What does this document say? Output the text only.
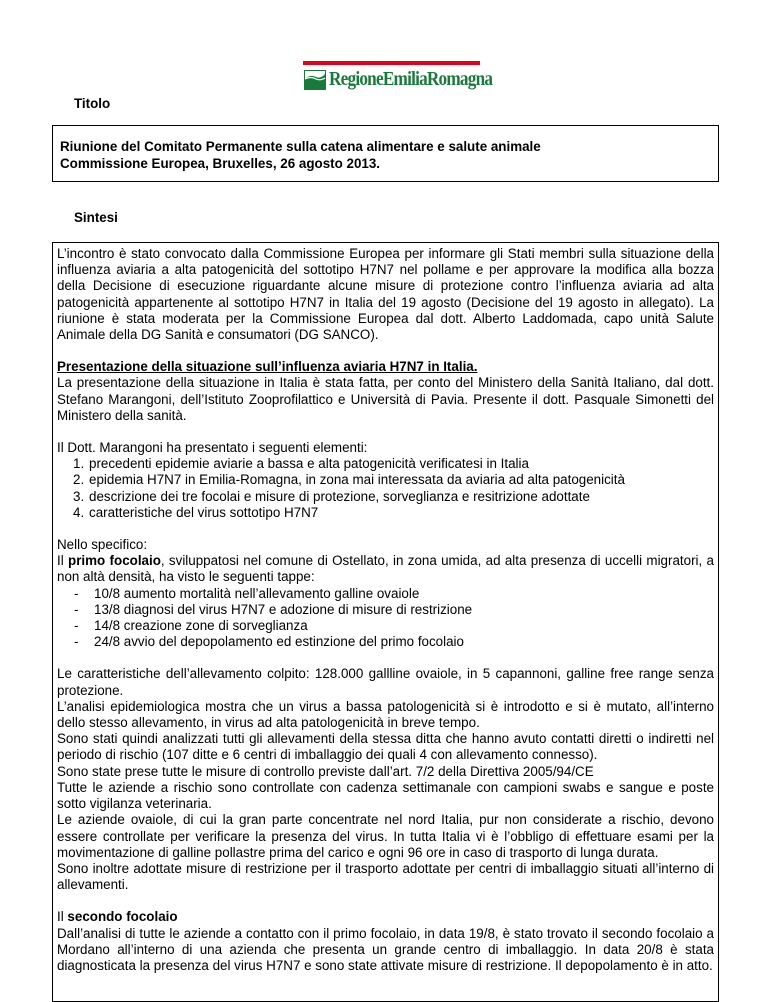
RegioneEmiliaRomagna
Titolo
Riunione del Comitato Permanente sulla catena alimentare e salute animale
Commissione Europea, Bruxelles, 26 agosto 2013.
Sintesi

L’incontro è stato convocato dalla Commissione Europea per informare gli Stati membri sulla situazione della influenza aviaria a alta patogenicità del sottotipo H7N7 nel pollame e per approvare la modifica alla bozza della Decisione di esecuzione riguardante alcune misure di protezione contro l’influenza aviaria ad alta patogenicità appartenente al sottotipo H7N7 in Italia del 19 agosto (Decisione del 19 agosto in allegato). La riunione è stata moderata per la Commissione Europea dal dott. Alberto Laddomada, capo unità Salute Animale della DG Sanità e consumatori (DG SANCO).

Presentazione della situazione sull’influenza aviaria H7N7 in Italia.

La presentazione della situazione in Italia è stata fatta, per conto del Ministero della Sanità Italiano, dal dott. Stefano Marangoni, dell’Istituto Zooprofilattico e Università di Pavia. Presente il dott. Pasquale Simonetti del Ministero della sanità.

Il Dott. Marangoni ha presentato i seguenti elementi:

1. precedenti epidemie aviarie a bassa e alta patogenicità verificatesi in Italia
2. epidemia H7N7 in Emilia-Romagna, in zona mai interessata da aviaria ad alta patogenicità
3. descrizione dei tre focolai e misure di protezione, sorveglianza e resitrizione adottate
4. caratteristiche del virus sottotipo H7N7

Nello specifico:

Il primo focolaio, sviluppatosi nel comune di Ostellato, in zona umida, ad alta presenza di uccelli migratori, a non altà densità, ha visto le seguenti tappe:

- 10/8 aumento mortalità nell’allevamento galline ovaiole
- 13/8 diagnosi del virus H7N7 e adozione di misure di restrizione
- 14/8 creazione zone di sorveglianza
- 24/8 avvio del depopolamento ed estinzione del primo focolaio

Le caratteristiche dell’allevamento colpito: 128.000 gallline ovaiole, in 5 capannoni, galline free range senza protezione.

L’analisi epidemiologica mostra che un virus a bassa patologenicità si è introdotto e si è mutato, all’interno dello stesso allevamento, in virus ad alta patologenicità in breve tempo.

Sono stati quindi analizzati tutti gli allevamenti della stessa ditta che hanno avuto contatti diretti o indiretti nel periodo di rischio (107 ditte e 6 centri di imballaggio dei quali 4 con allevamento connesso).

Sono state prese tutte le misure di controllo previste dall’art. 7/2 della Direttiva 2005/94/CE

Tutte le aziende a rischio sono controllate con cadenza settimanale con campioni swabs e sangue e poste sotto vigilanza veterinaria.

Le aziende ovaiole, di cui la gran parte concentrate nel nord Italia, pur non considerate a rischio, devono essere controllate per verificare la presenza del virus. In tutta Italia vi è l’obbligo di effettuare esami per la movimentazione di galline pollastre prima del carico e ogni 96 ore in caso di trasporto di lunga durata.

Sono inoltre adottate misure di restrizione per il trasporto adottate per centri di imballaggio situati all’interno di allevamenti.

Il secondo focolaio

Dall’analisi di tutte le aziende a contatto con il primo focolaio, in data 19/8, è stato trovato il secondo focolaio a Mordano all’interno di una azienda che presenta un grande centro di imballaggio. In data 20/8 è stata diagnosticata la presenza del virus H7N7 e sono state attivate misure di restrizione. Il depopolamento è in atto.
